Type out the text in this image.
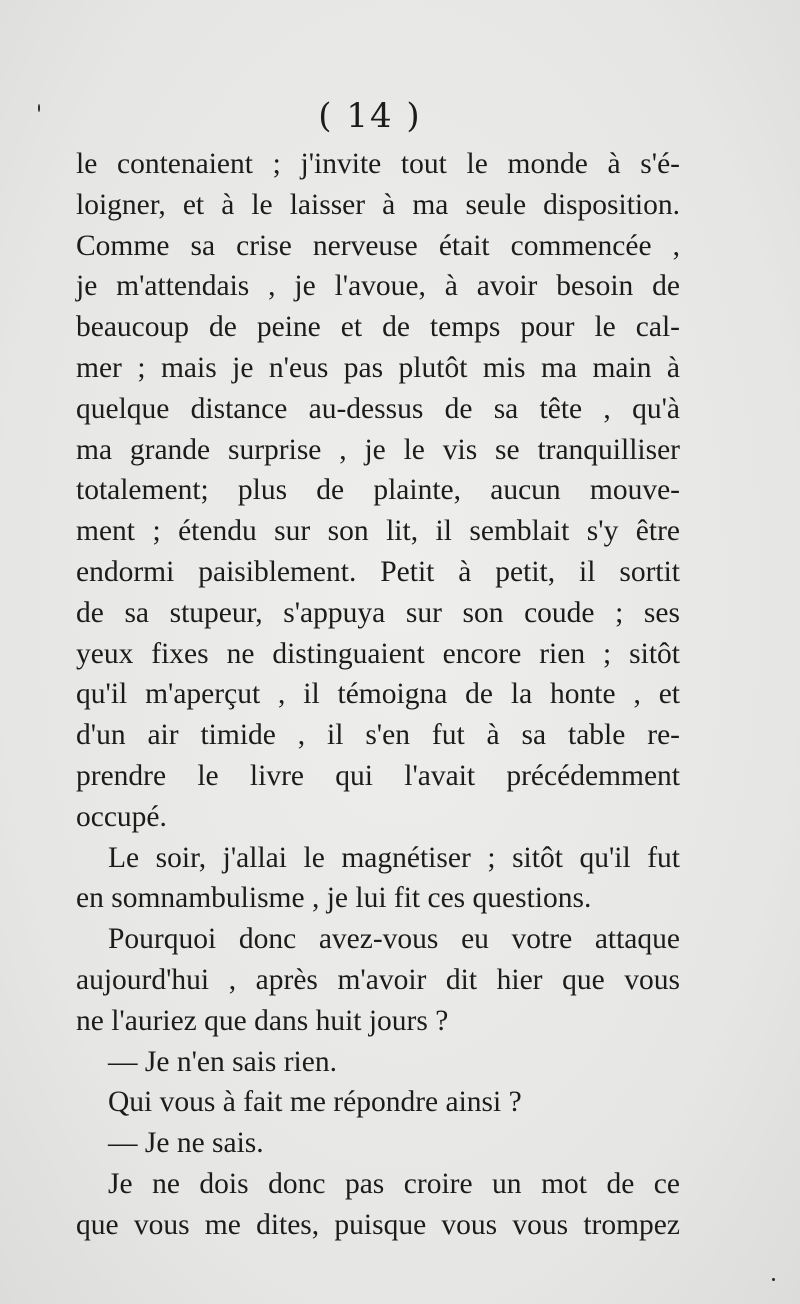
( 14 )
le contenaient ; j'invite tout le monde à s'é-
loigner, et à le laisser à ma seule disposition.
Comme sa crise nerveuse était commencée ,
je m'attendais , je l'avoue, à avoir besoin de
beaucoup de peine et de temps pour le cal-
mer ; mais je n'eus pas plutôt mis ma main à
quelque distance au-dessus de sa tête , qu'à
ma grande surprise , je le vis se tranquilliser
totalement; plus de plainte, aucun mouve-
ment ; étendu sur son lit, il semblait s'y être
endormi paisiblement. Petit à petit, il sortit
de sa stupeur, s'appuya sur son coude ; ses
yeux fixes ne distinguaient encore rien ; sitôt
qu'il m'aperçut , il témoigna de la honte , et
d'un air timide , il s'en fut à sa table re-
prendre le livre qui l'avait précédemment
occupé.
Le soir, j'allai le magnétiser ; sitôt qu'il fut
en somnambulisme , je lui fit ces questions.
Pourquoi donc avez-vous eu votre attaque
aujourd'hui , après m'avoir dit hier que vous
ne l'auriez que dans huit jours ?
— Je n'en sais rien.
Qui vous à fait me répondre ainsi ?
— Je ne sais.
Je ne dois donc pas croire un mot de ce
que vous me dites, puisque vous vous trompez
